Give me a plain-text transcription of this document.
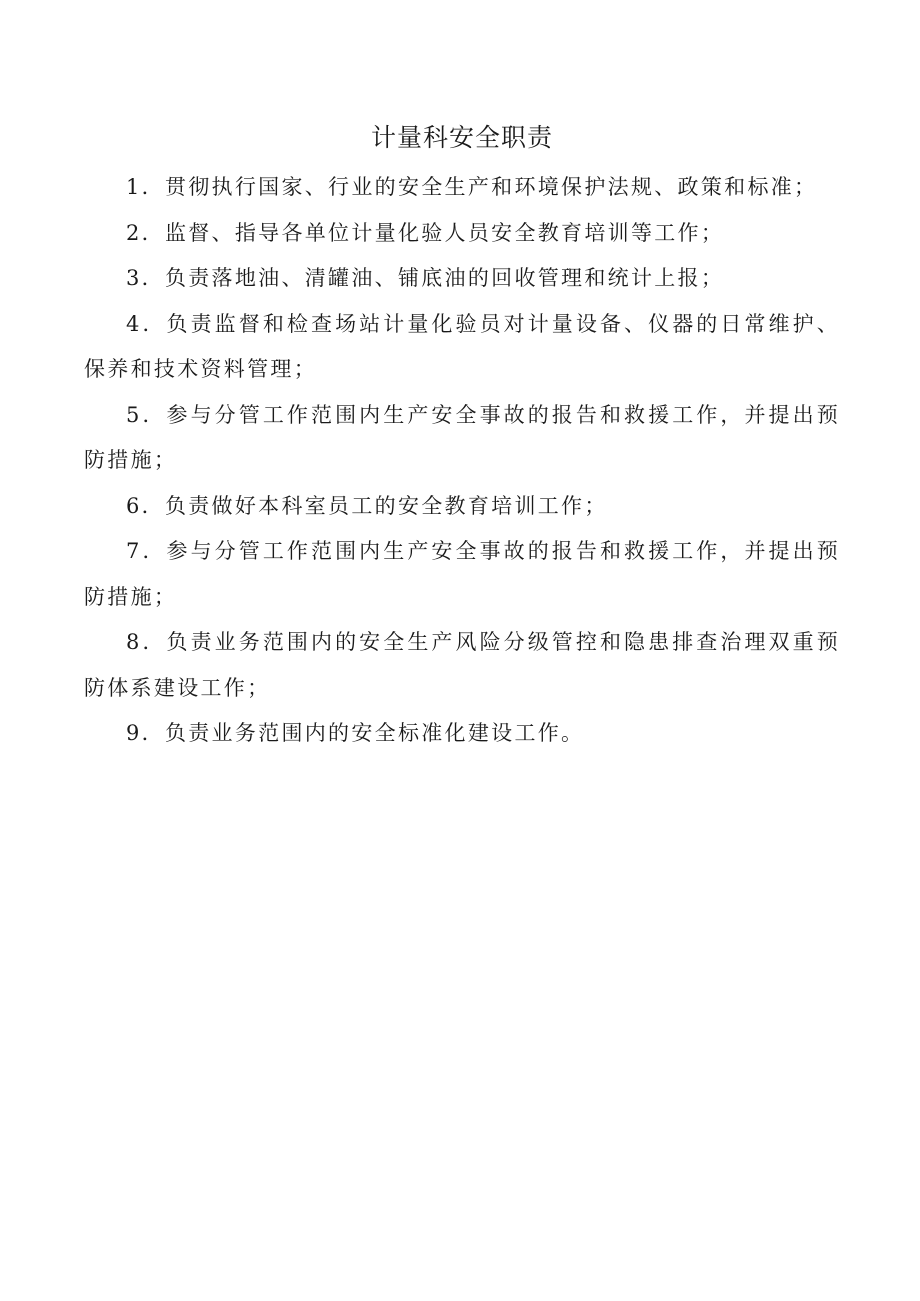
计量科安全职责

1．贯彻执行国家、行业的安全生产和环境保护法规、政策和标准；

2．监督、指导各单位计量化验人员安全教育培训等工作；

3．负责落地油、清罐油、铺底油的回收管理和统计上报；

4．负责监督和检查场站计量化验员对计量设备、仪器的日常维护、保养和技术资料管理；

5．参与分管工作范围内生产安全事故的报告和救援工作，并提出预防措施；

6．负责做好本科室员工的安全教育培训工作；

7．参与分管工作范围内生产安全事故的报告和救援工作，并提出预防措施；

8．负责业务范围内的安全生产风险分级管控和隐患排查治理双重预防体系建设工作；

9．负责业务范围内的安全标准化建设工作。
